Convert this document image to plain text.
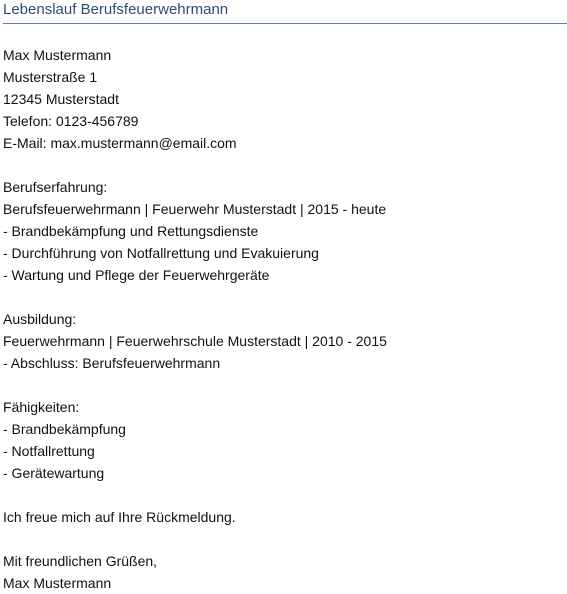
Lebenslauf Berufsfeuerwehrmann
Max Mustermann
Musterstraße 1
12345 Musterstadt
Telefon: 0123-456789
E-Mail: max.mustermann@email.com
Berufserfahrung:
Berufsfeuerwehrmann | Feuerwehr Musterstadt | 2015 - heute
- Brandbekämpfung und Rettungsdienste
- Durchführung von Notfallrettung und Evakuierung
- Wartung und Pflege der Feuerwehrgeräte
Ausbildung:
Feuerwehrmann | Feuerwehrschule Musterstadt | 2010 - 2015
- Abschluss: Berufsfeuerwehrmann
Fähigkeiten:
- Brandbekämpfung
- Notfallrettung
- Gerätewartung
Ich freue mich auf Ihre Rückmeldung.
Mit freundlichen Grüßen,
Max Mustermann
